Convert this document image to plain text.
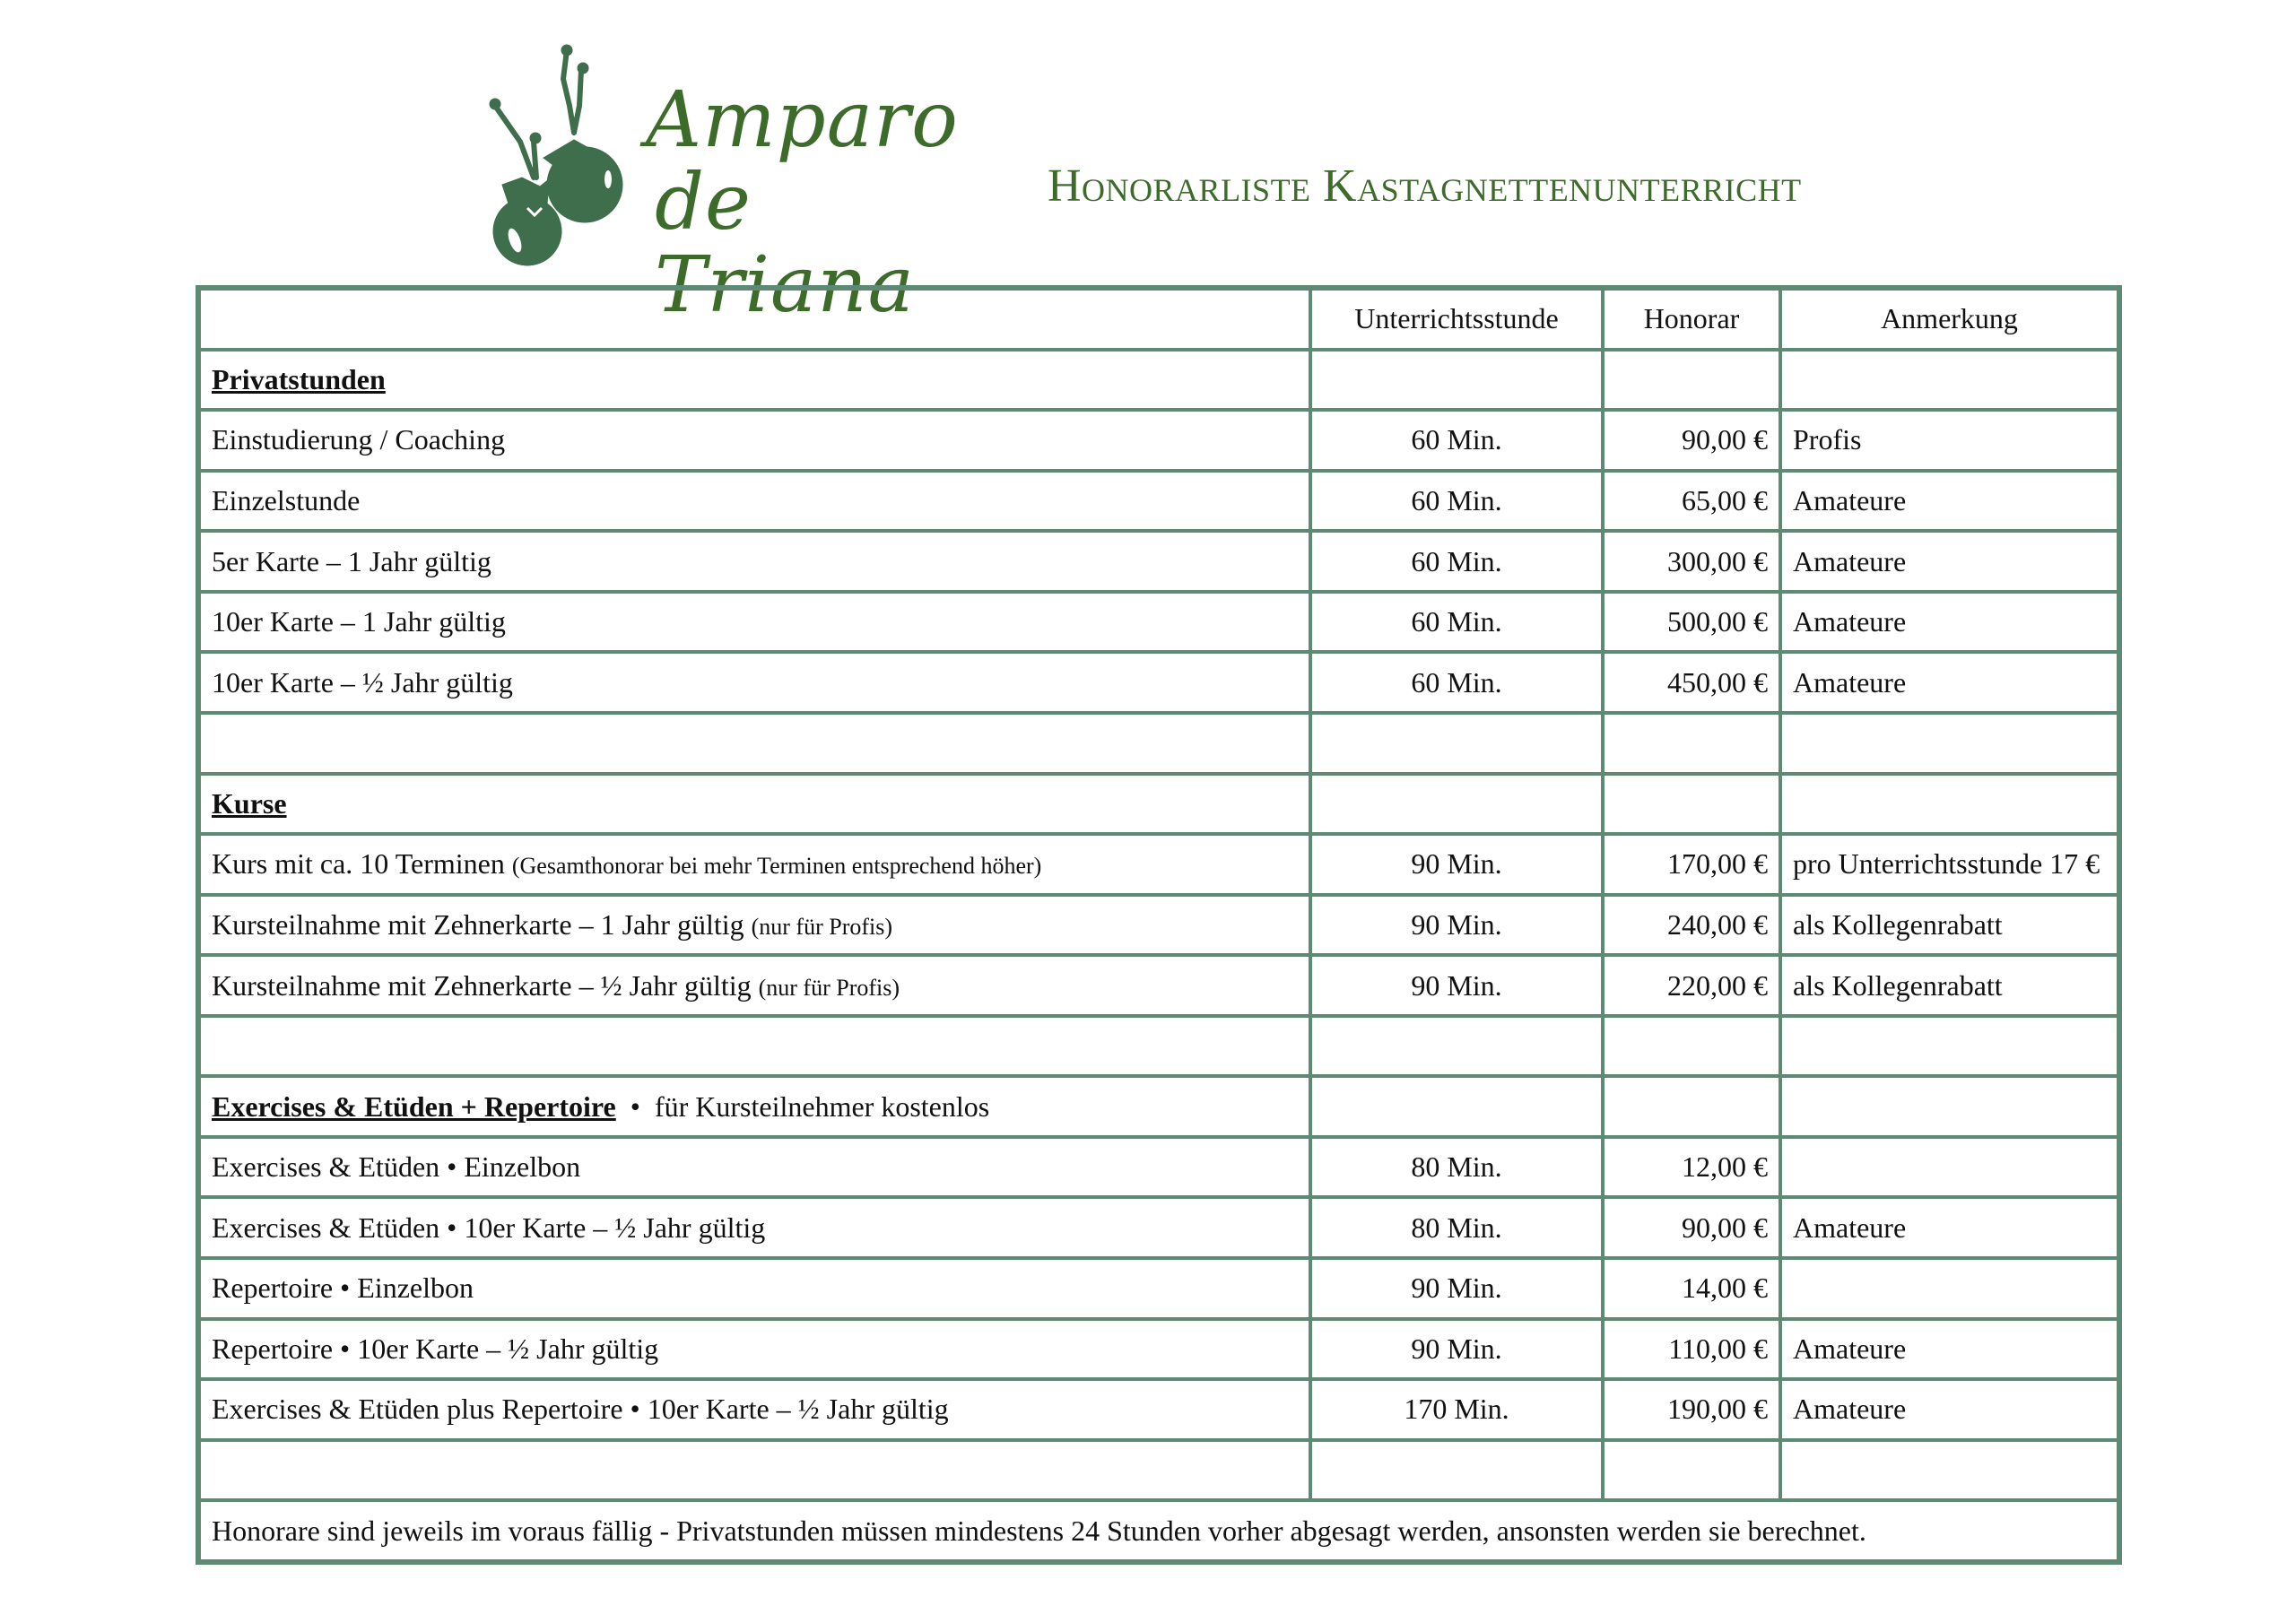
Amparo
de Triana
Honorarliste Kastagnettenunterricht
	Unterrichtsstunde	Honorar	Anmerkung
Privatstunden			
Einstudierung / Coaching	60 Min.	90,00 €	Profis
Einzelstunde	60 Min.	65,00 €	Amateure
5er Karte – 1 Jahr gültig	60 Min.	300,00 €	Amateure
10er Karte – 1 Jahr gültig	60 Min.	500,00 €	Amateure
10er Karte – ½ Jahr gültig	60 Min.	450,00 €	Amateure

Kurse			
Kurs mit ca. 10 Terminen (Gesamthonorar bei mehr Terminen entsprechend höher)	90 Min.	170,00 €	pro Unterrichtsstunde 17 €
Kursteilnahme mit Zehnerkarte – 1 Jahr gültig (nur für Profis)	90 Min.	240,00 €	als Kollegenrabatt
Kursteilnahme mit Zehnerkarte – ½ Jahr gültig (nur für Profis)	90 Min.	220,00 €	als Kollegenrabatt

Exercises & Etüden + Repertoire  •  für Kursteilnehmer kostenlos			
Exercises & Etüden • Einzelbon	80 Min.	12,00 €	
Exercises & Etüden • 10er Karte – ½ Jahr gültig	80 Min.	90,00 €	Amateure
Repertoire • Einzelbon	90 Min.	14,00 €	
Repertoire • 10er Karte – ½ Jahr gültig	90 Min.	110,00 €	Amateure
Exercises & Etüden plus Repertoire • 10er Karte – ½ Jahr gültig	170 Min.	190,00 €	Amateure

Honorare sind jeweils im voraus fällig - Privatstunden müssen mindestens 24 Stunden vorher abgesagt werden, ansonsten werden sie berechnet.			
